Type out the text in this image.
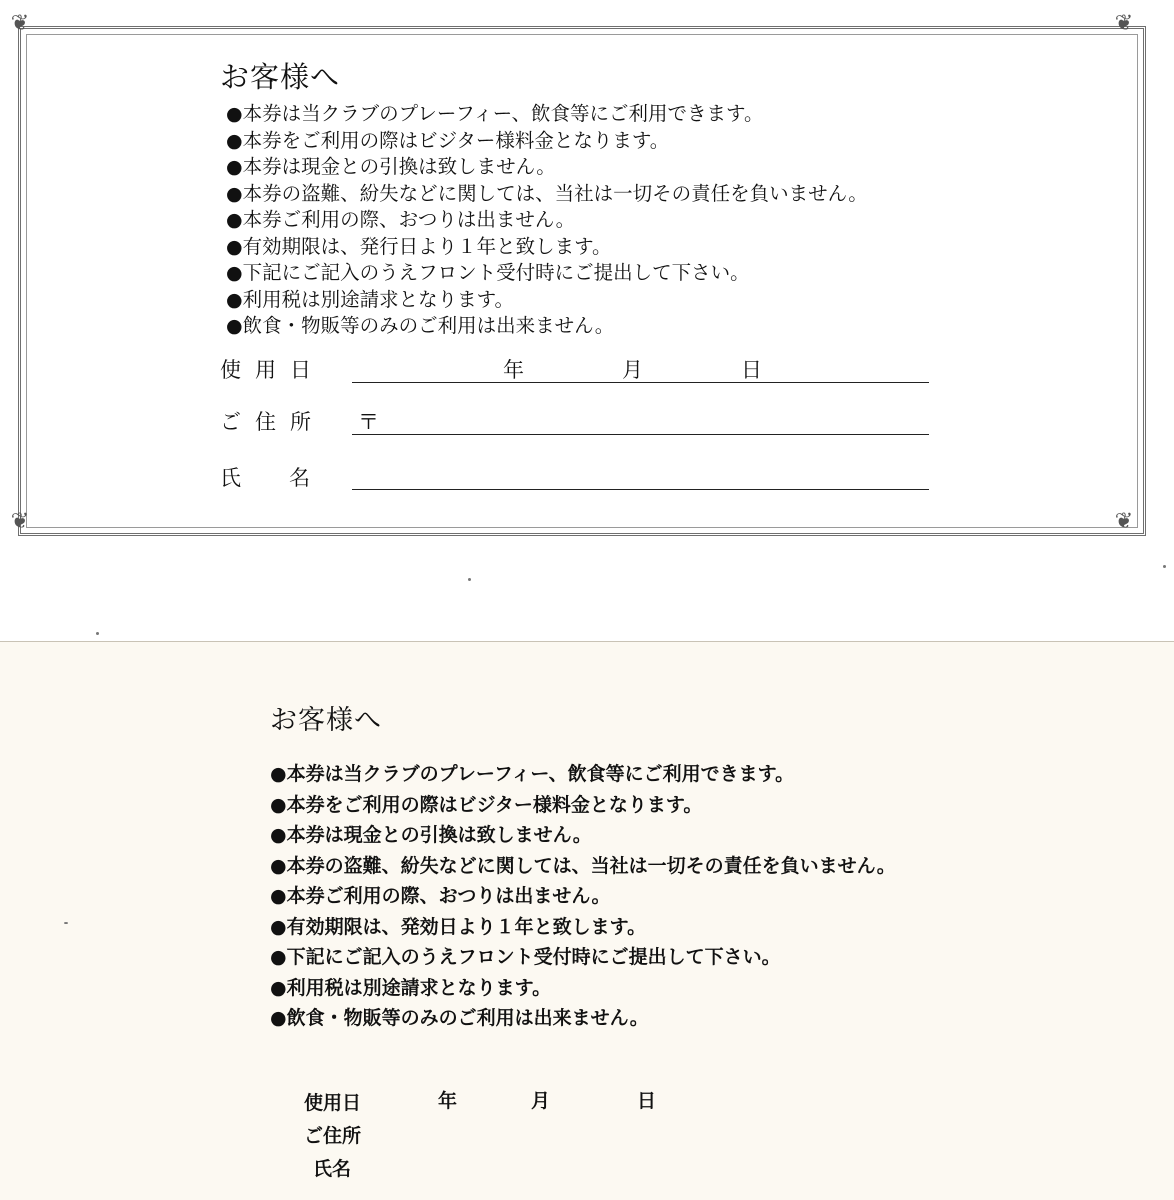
❦	❦
❦	❦
お客様へ
●本券は当クラブのプレーフィー、飲食等にご利用できます。
●本券をご利用の際はビジター様料金となります。
●本券は現金との引換は致しません。
●本券の盗難、紛失などに関しては、当社は一切その責任を負いません。
●本券ご利用の際、おつりは出ません。
●有効期限は、発行日より１年と致します。
●下記にご記入のうえフロント受付時にご提出して下さい。
●利用税は別途請求となります。
●飲食・物販等のみのご利用は出来ません。
使用日	年	月	日
ご住所 〒
氏名
お客様へ
●本券は当クラブのプレーフィー、飲食等にご利用できます。
●本券をご利用の際はビジター様料金となります。
●本券は現金との引換は致しません。
●本券の盗難、紛失などに関しては、当社は一切その責任を負いません。
●本券ご利用の際、おつりは出ません。
●有効期限は、発効日より１年と致します。
●下記にご記入のうえフロント受付時にご提出して下さい。
●利用税は別途請求となります。
●飲食・物販等のみのご利用は出来ません。
使用日	年	月	日
ご住所
氏名
